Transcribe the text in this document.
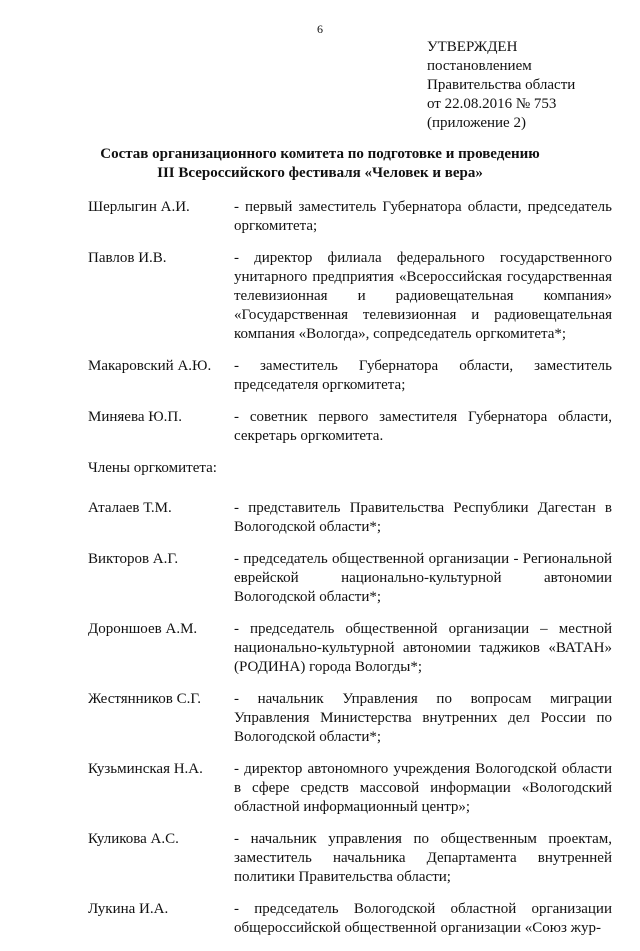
6
УТВЕРЖДЕН
постановлением
Правительства области
от 22.08.2016 № 753
(приложение 2)
Состав организационного комитета по подготовке и проведению
III Всероссийского фестиваля «Человек и вера»
Шерлыгин А.И.	- первый заместитель Губернатора области, председатель оргкомитета;
Павлов И.В.	- директор филиала федерального государственного унитарного предприятия «Всероссийская государственная телевизионная и радиовещательная компания» «Государственная телевизионная и радиовещательная компания «Вологда», сопредседатель оргкомитета*;
Макаровский А.Ю.	- заместитель Губернатора области, заместитель председателя оргкомитета;
Миняева Ю.П.	- советник первого заместителя Губернатора области, секретарь оргкомитета.
Члены оргкомитета:
Аталаев Т.М.	- представитель Правительства Республики Дагестан в Вологодской области*;
Викторов А.Г.	- председатель общественной организации - Региональной еврейской национально-культурной автономии Вологодской области*;
Дороншоев А.М.	- председатель общественной организации – местной национально-культурной автономии таджиков «ВАТАН» (РОДИНА) города Вологды*;
Жестянников С.Г.	- начальник Управления по вопросам миграции Управления Министерства внутренних дел России по Вологодской области*;
Кузьминская Н.А.	- директор автономного учреждения Вологодской области в сфере средств массовой информации «Вологодский областной информационный центр»;
Куликова А.С.	- начальник управления по общественным проектам, заместитель начальника Департамента внутренней политики Правительства области;
Лукина И.А.	- председатель Вологодской областной организации общероссийской общественной организации «Союз жур-
